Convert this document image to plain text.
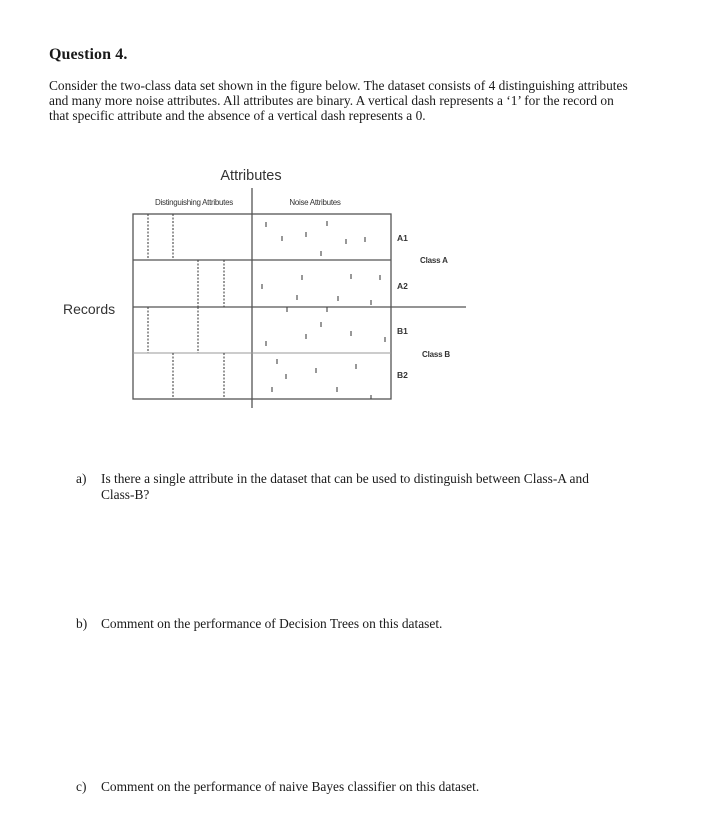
Question 4.
Consider the two-class data set shown in the figure below. The dataset consists of 4 distinguishing attributes
and many more noise attributes. All attributes are binary. A vertical dash represents a ‘1’ for the record on
that specific attribute and the absence of a vertical dash represents a 0.
Attributes
Distinguishing Attributes	Noise Attributes
Records
A1
A2
B1
B2
Class A
Class B
a) Is there a single attribute in the dataset that can be used to distinguish between Class-A and
Class-B?
b) Comment on the performance of Decision Trees on this dataset.
c) Comment on the performance of naive Bayes classifier on this dataset.
